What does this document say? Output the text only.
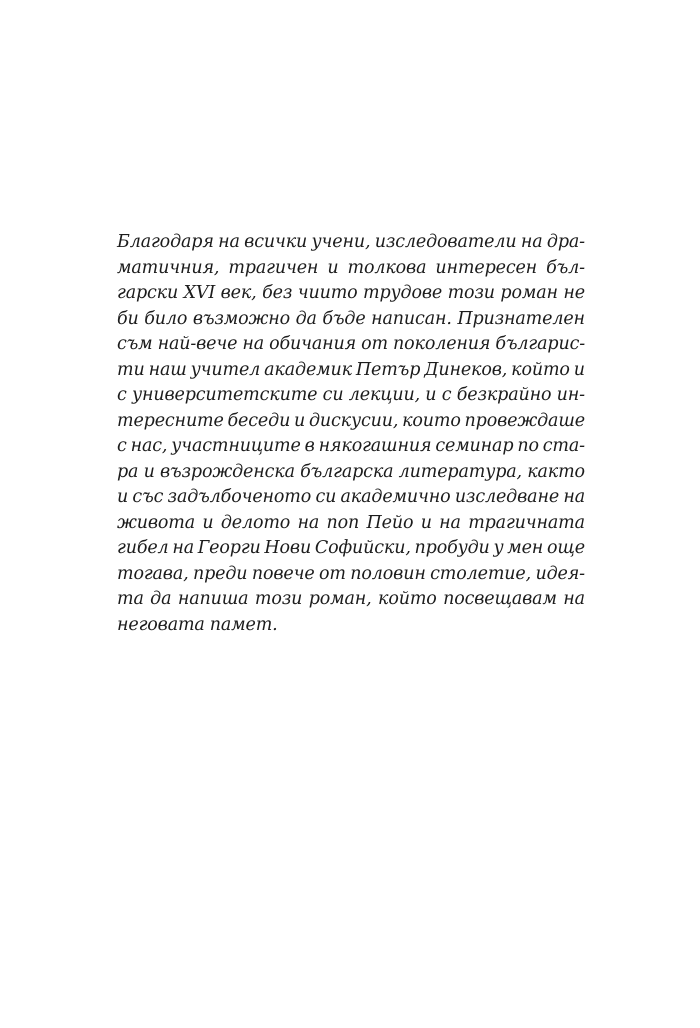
Благодаря на всички учени, изследователи на дра-
матичния, трагичен и толкова интересен бъл-
гарски XVI век, без чиито трудове този роман не
би било възможно да бъде написан. Признателен
съм най-вече на обичания от поколения българис-
ти наш учител академик Петър Динеков, който и
с университетските си лекции, и с безкрайно ин-
тересните беседи и дискусии, които провеждаше
с нас, участниците в някогашния семинар по ста-
ра и възрожденска българска литература, както
и със задълбоченото си академично изследване на
живота и делото на поп Пейо и на трагичната
гибел на Георги Нови Софийски, пробуди у мен още
тогава, преди повече от половин столетие, идея-
та да напиша този роман, който посвещавам на
неговата памет.
